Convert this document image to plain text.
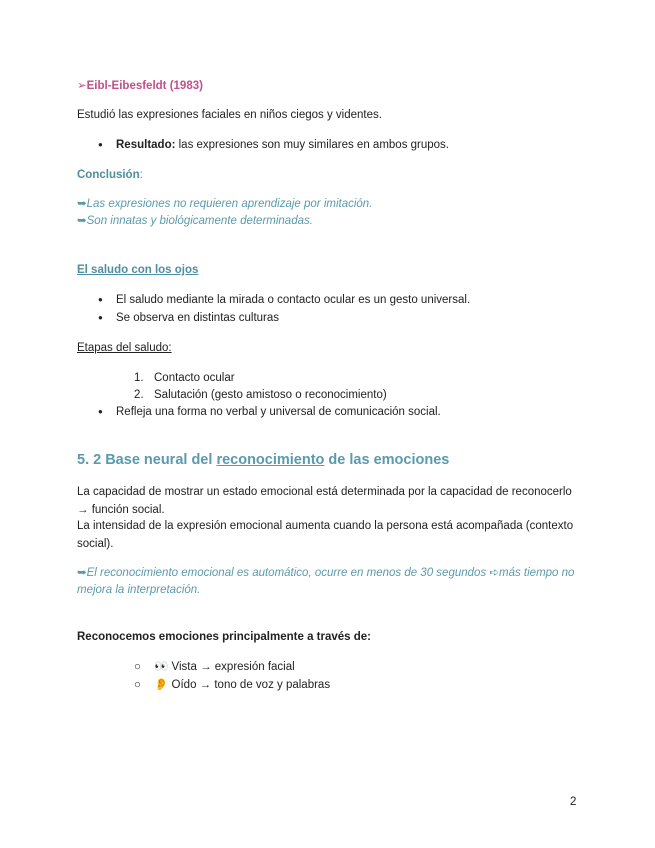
➢Eibl-Eibesfeldt (1983)
Estudió las expresiones faciales en niños ciegos y videntes.
● Resultado: las expresiones son muy similares en ambos grupos.
Conclusión:
➥Las expresiones no requieren aprendizaje por imitación.
➥Son innatas y biológicamente determinadas.
El saludo con los ojos
● El saludo mediante la mirada o contacto ocular es un gesto universal.
● Se observa en distintas culturas
Etapas del saludo:
1. Contacto ocular
2. Salutación (gesto amistoso o reconocimiento)
● Refleja una forma no verbal y universal de comunicación social.
5. 2 Base neural del reconocimiento de las emociones
La capacidad de mostrar un estado emocional está determinada por la capacidad de reconocerlo → función social.
La intensidad de la expresión emocional aumenta cuando la persona está acompañada (contexto social).
➥El reconocimiento emocional es automático, ocurre en menos de 30 segundos ➪más tiempo no
mejora la interpretación.
Reconocemos emociones principalmente a través de:
○ 👀 Vista → expresión facial
○ 👂 Oído → tono de voz y palabras
2
